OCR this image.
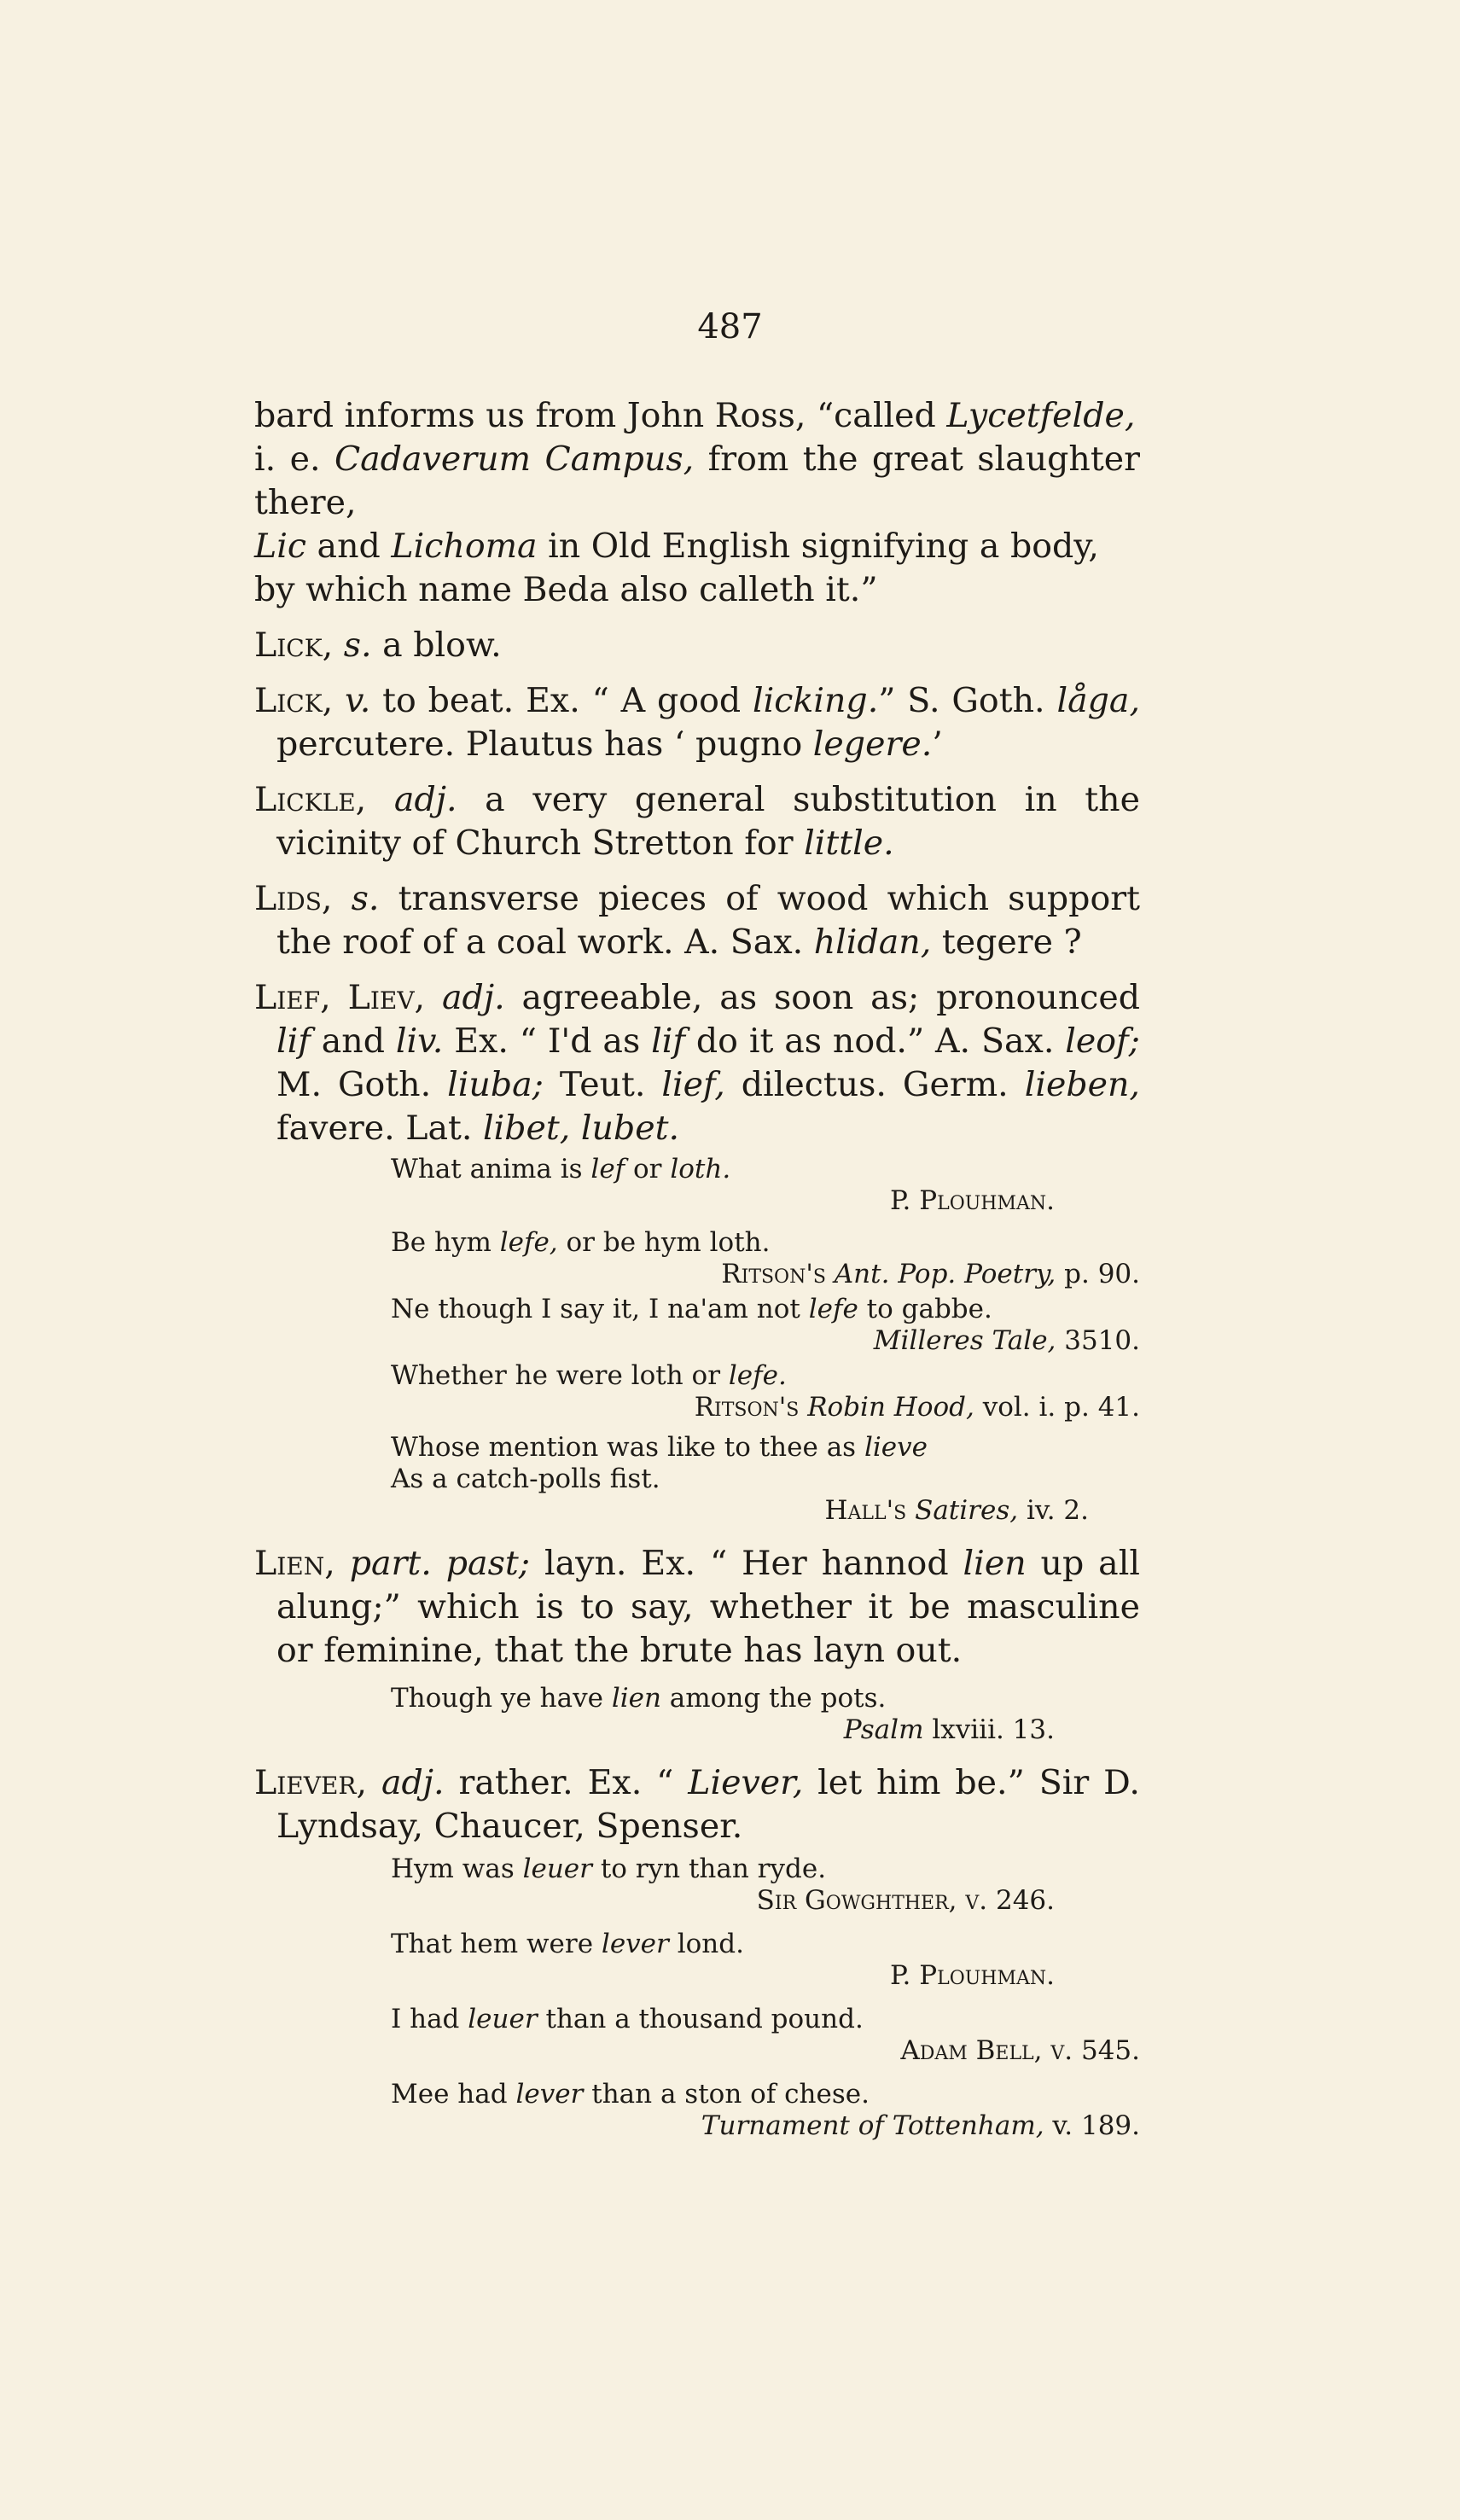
487

bard informs us from John Ross, “called Lycetfelde,
i. e. Cadaverum Campus, from the great slaughter there,
Lic and Lichoma in Old English signifying a body,
by which name Beda also calleth it.”

Lick, s. a blow.

Lick, v. to beat. Ex. “ A good licking.” S. Goth. låga, percutere. Plautus has ‘ pugno legere.’

Lickle, adj. a very general substitution in the vicinity of Church Stretton for little.

Lids, s. transverse pieces of wood which support the roof of a coal work. A. Sax. hlidan, tegere ?

Lief, Liev, adj. agreeable, as soon as; pronounced lif and liv. Ex. “ I'd as lif do it as nod.” A. Sax. leof; M. Goth. liuba; Teut. lief, dilectus. Germ. lieben, favere. Lat. libet, lubet.

What anima is lef or loth.
P. Plouhman.
Be hym lefe, or be hym loth.
Ritson's Ant. Pop. Poetry, p. 90.
Ne though I say it, I na'am not lefe to gabbe.
Milleres Tale, 3510.
Whether he were loth or lefe.
Ritson's Robin Hood, vol. i. p. 41.
Whose mention was like to thee as lieve
As a catch-polls fist.
Hall's Satires, iv. 2.

Lien, part. past; layn. Ex. “ Her hannod lien up all alung;” which is to say, whether it be masculine or feminine, that the brute has layn out.

Though ye have lien among the pots.
Psalm lxviii. 13.

Liever, adj. rather. Ex. “ Liever, let him be.” Sir D. Lyndsay, Chaucer, Spenser.

Hym was leuer to ryn than ryde.
Sir Gowghther, v. 246.
That hem were lever lond.
P. Plouhman.
I had leuer than a thousand pound.
Adam Bell, v. 545.
Mee had lever than a ston of chese.
Turnament of Tottenham, v. 189.
